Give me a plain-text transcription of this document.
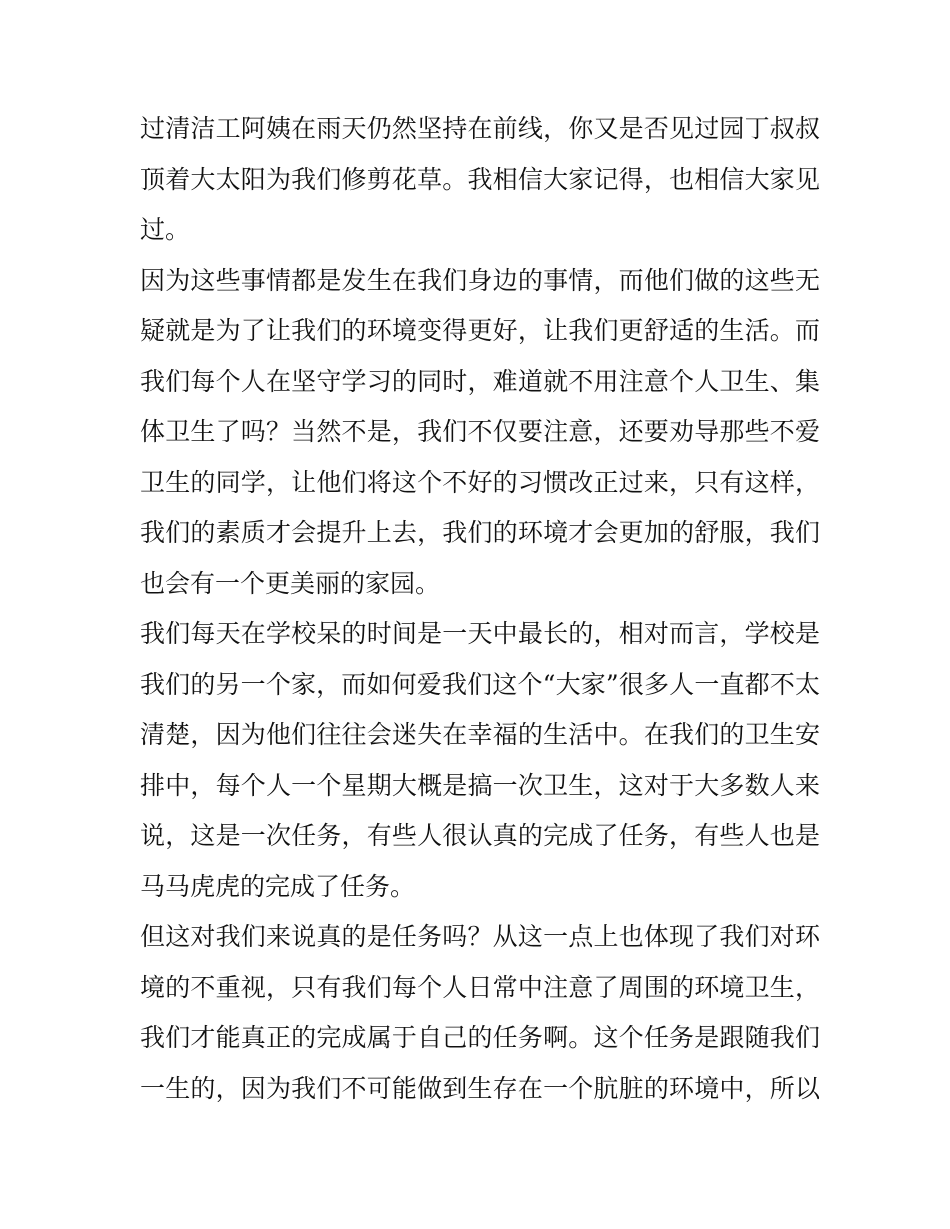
过清洁工阿姨在雨天仍然坚持在前线，你又是否见过园丁叔叔
顶着大太阳为我们修剪花草。我相信大家记得，也相信大家见
过。

因为这些事情都是发生在我们身边的事情，而他们做的这些无
疑就是为了让我们的环境变得更好，让我们更舒适的生活。而
我们每个人在坚守学习的同时，难道就不用注意个人卫生、集
体卫生了吗？当然不是，我们不仅要注意，还要劝导那些不爱
卫生的同学，让他们将这个不好的习惯改正过来，只有这样，
我们的素质才会提升上去，我们的环境才会更加的舒服，我们
也会有一个更美丽的家园。

我们每天在学校呆的时间是一天中最长的，相对而言，学校是
我们的另一个家，而如何爱我们这个“大家”很多人一直都不太
清楚，因为他们往往会迷失在幸福的生活中。在我们的卫生安
排中，每个人一个星期大概是搞一次卫生，这对于大多数人来
说，这是一次任务，有些人很认真的完成了任务，有些人也是
马马虎虎的完成了任务。

但这对我们来说真的是任务吗？从这一点上也体现了我们对环
境的不重视，只有我们每个人日常中注意了周围的环境卫生，
我们才能真正的完成属于自己的任务啊。这个任务是跟随我们
一生的，因为我们不可能做到生存在一个肮脏的环境中，所以
